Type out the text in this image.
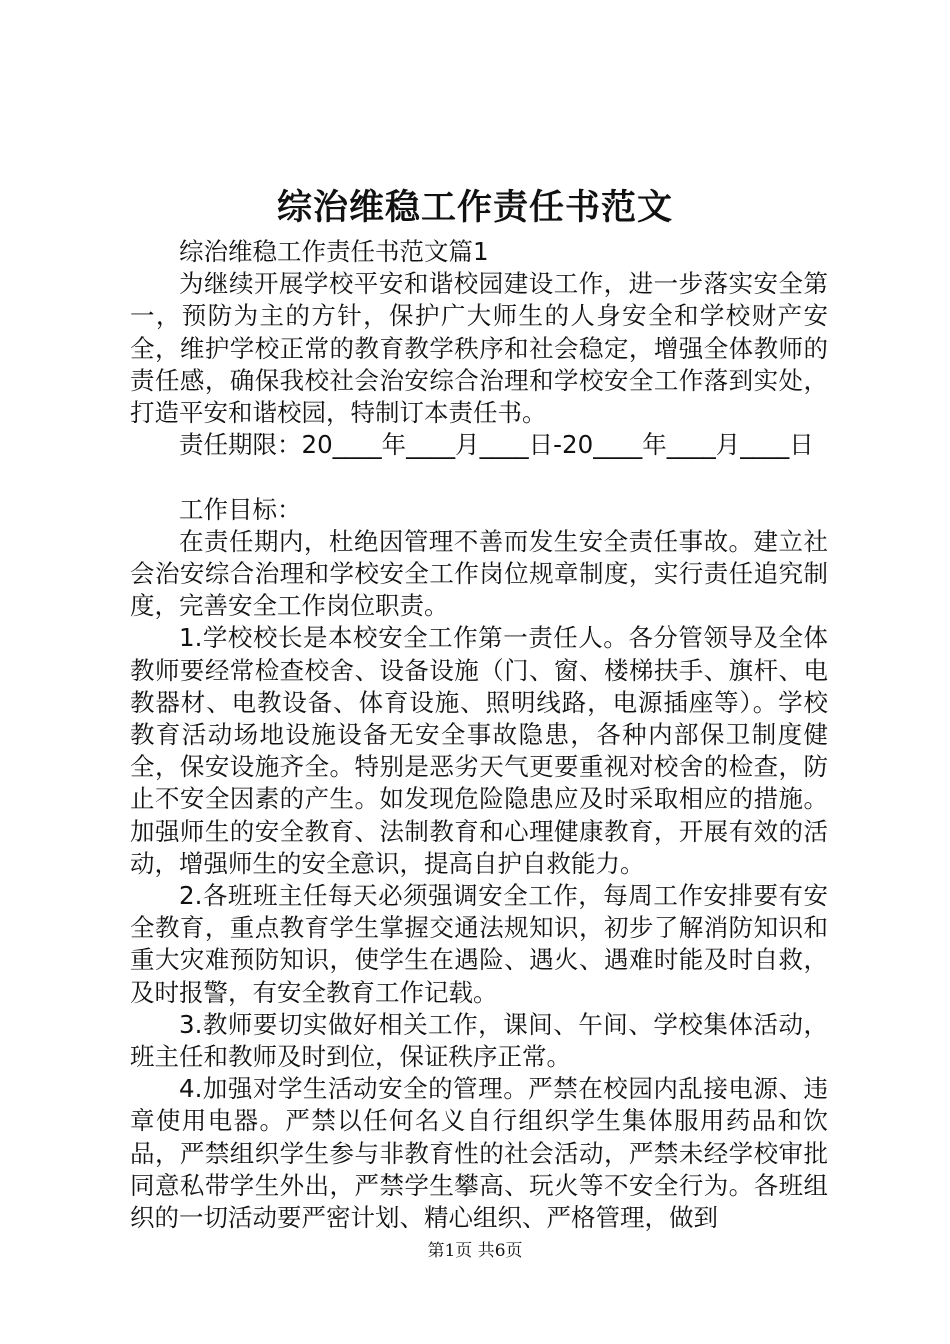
综治维稳工作责任书范文

综治维稳工作责任书范文篇1

为继续开展学校平安和谐校园建设工作，进一步落实安全第一，预防为主的方针，保护广大师生的人身安全和学校财产安全，维护学校正常的教育教学秩序和社会稳定，增强全体教师的责任感，确保我校社会治安综合治理和学校安全工作落到实处，打造平安和谐校园，特制订本责任书。

责任期限：20____年____月____日-20____年____月____日

工作目标：

在责任期内，杜绝因管理不善而发生安全责任事故。建立社会治安综合治理和学校安全工作岗位规章制度，实行责任追究制度，完善安全工作岗位职责。

1.学校校长是本校安全工作第一责任人。各分管领导及全体教师要经常检查校舍、设备设施（门、窗、楼梯扶手、旗杆、电教器材、电教设备、体育设施、照明线路，电源插座等）。学校教育活动场地设施设备无安全事故隐患，各种内部保卫制度健全，保安设施齐全。特别是恶劣天气更要重视对校舍的检查，防止不安全因素的产生。如发现危险隐患应及时采取相应的措施。加强师生的安全教育、法制教育和心理健康教育，开展有效的活动，增强师生的安全意识，提高自护自救能力。

2.各班班主任每天必须强调安全工作，每周工作安排要有安全教育，重点教育学生掌握交通法规知识，初步了解消防知识和重大灾难预防知识，使学生在遇险、遇火、遇难时能及时自救，及时报警，有安全教育工作记载。

3.教师要切实做好相关工作，课间、午间、学校集体活动，班主任和教师及时到位，保证秩序正常。

4.加强对学生活动安全的管理。严禁在校园内乱接电源、违章使用电器。严禁以任何名义自行组织学生集体服用药品和饮品，严禁组织学生参与非教育性的社会活动，严禁未经学校审批同意私带学生外出，严禁学生攀高、玩火等不安全行为。各班组织的一切活动要严密计划、精心组织、严格管理，做到

第1页 共6页
